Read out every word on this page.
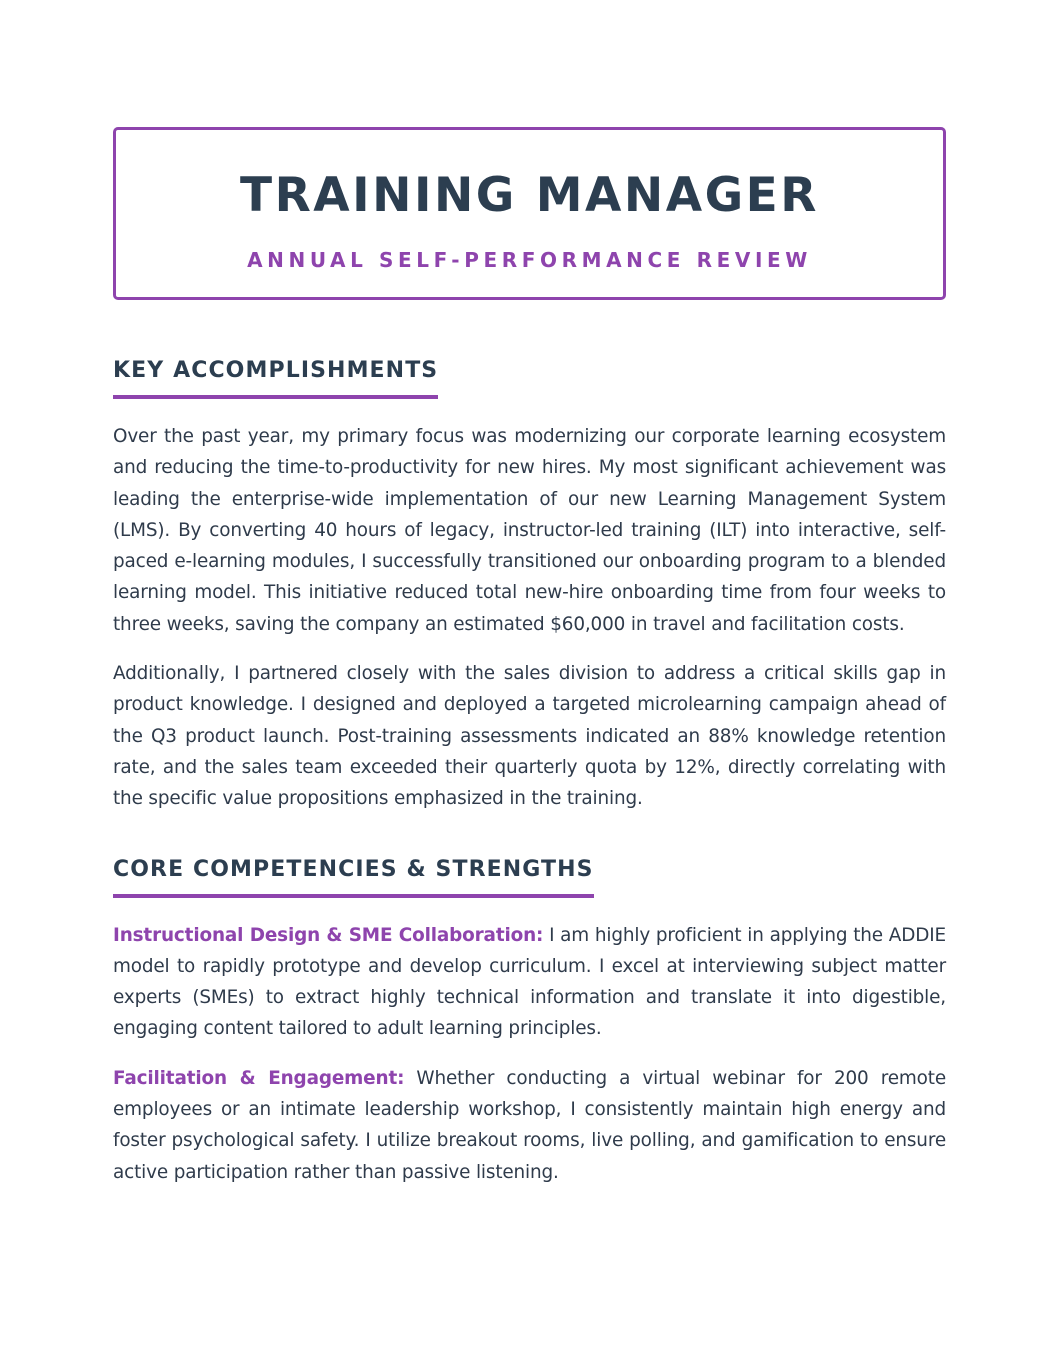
TRAINING MANAGER
ANNUAL SELF-PERFORMANCE REVIEW
KEY ACCOMPLISHMENTS

Over the past year, my primary focus was modernizing our corporate learning ecosystem and reducing the time-to-productivity for new hires. My most significant achievement was leading the enterprise-wide implementation of our new Learning Management System (LMS). By converting 40 hours of legacy, instructor-led training (ILT) into interactive, self-paced e-learning modules, I successfully transitioned our onboarding program to a blended learning model. This initiative reduced total new-hire onboarding time from four weeks to three weeks, saving the company an estimated $60,000 in travel and facilitation costs.

Additionally, I partnered closely with the sales division to address a critical skills gap in product knowledge. I designed and deployed a targeted microlearning campaign ahead of the Q3 product launch. Post-training assessments indicated an 88% knowledge retention rate, and the sales team exceeded their quarterly quota by 12%, directly correlating with the specific value propositions emphasized in the training.

CORE COMPETENCIES & STRENGTHS

Instructional Design & SME Collaboration: I am highly proficient in applying the ADDIE model to rapidly prototype and develop curriculum. I excel at interviewing subject matter experts (SMEs) to extract highly technical information and translate it into digestible, engaging content tailored to adult learning principles.

Facilitation & Engagement: Whether conducting a virtual webinar for 200 remote employees or an intimate leadership workshop, I consistently maintain high energy and foster psychological safety. I utilize breakout rooms, live polling, and gamification to ensure active participation rather than passive listening.
